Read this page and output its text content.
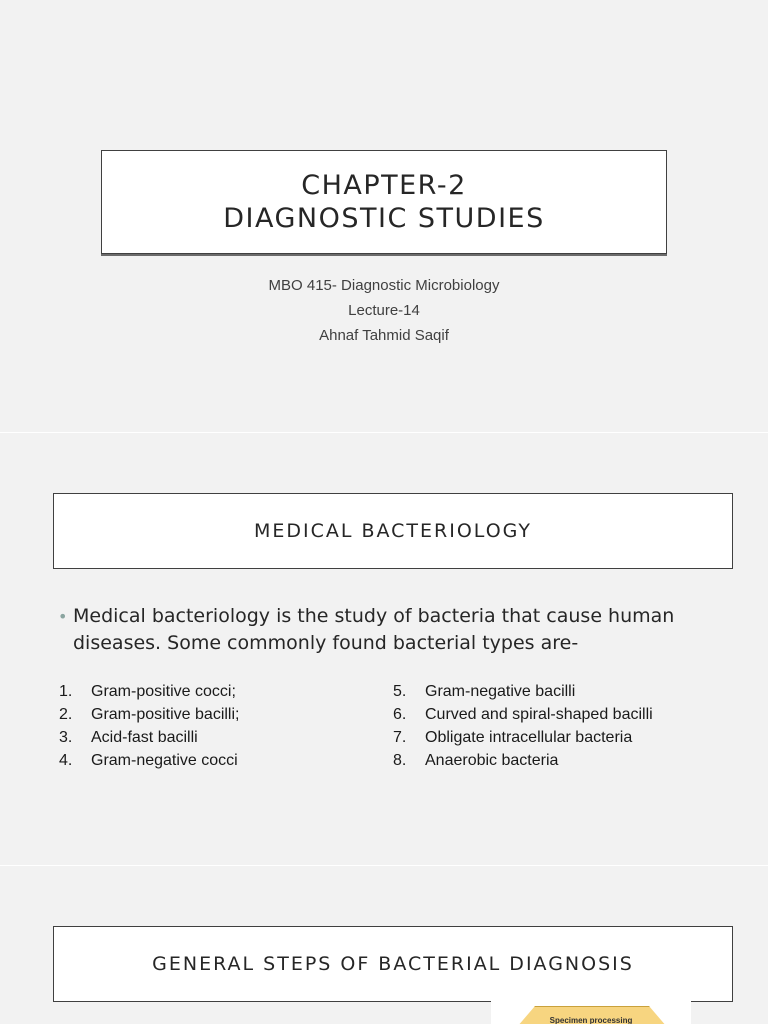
CHAPTER-2
DIAGNOSTIC STUDIES
MBO 415- Diagnostic Microbiology
Lecture-14
Ahnaf Tahmid Saqif
MEDICAL BACTERIOLOGY
• Medical bacteriology is the study of bacteria that cause human diseases. Some commonly found bacterial types are-
1.	Gram-positive cocci;
2.	Gram-positive bacilli;
3.	Acid-fast bacilli
4.	Gram-negative cocci
5.	Gram-negative bacilli
6.	Curved and spiral-shaped bacilli
7.	Obligate intracellular bacteria
8.	Anaerobic bacteria
GENERAL STEPS OF BACTERIAL DIAGNOSIS
Specimen processing
